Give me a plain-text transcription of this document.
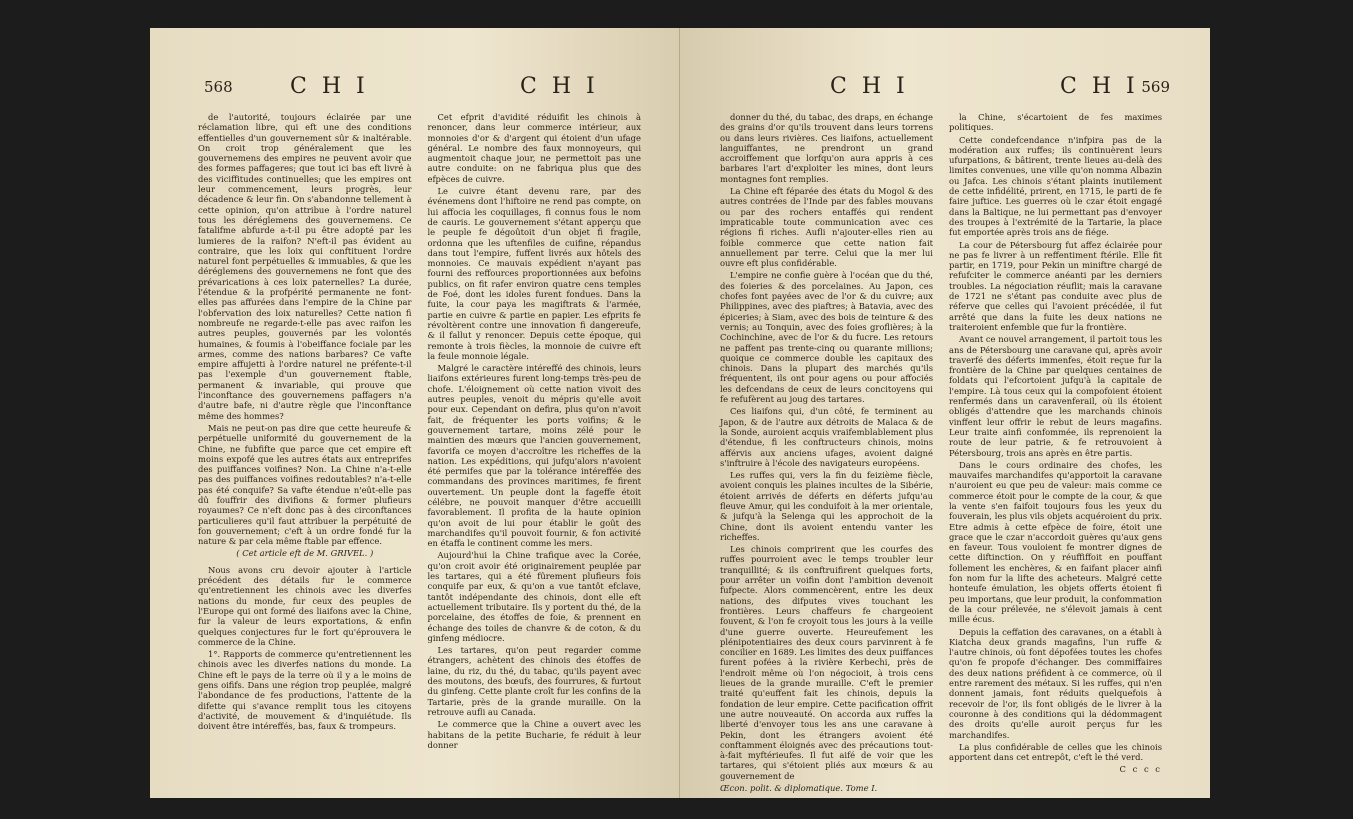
568	C H I	C H I

de l'autorité, toujours éclairée par une réclamation libre, qui eft une des conditions effentielles d'un gouvernement sûr & inaltérable. On croit trop généralement que les gouvernemens des empires ne peuvent avoir que des formes paffageres; que tout ici bas eft livré à des viciffitudes continuelles; que les empires ont leur commencement, leurs progrès, leur décadence & leur fin. On s'abandonne tellement à cette opinion, qu'on attribue à l'ordre naturel tous les déréglemens des gouvernemens. Ce fatalifme abfurde a-t-il pu être adopté par les lumieres de la raifon? N'eft-il pas évident au contraire, que les loix qui conftituent l'ordre naturel font perpétuelles & immuables, & que les déréglemens des gouvernemens ne font que des prévarications à ces loix paternelles? La durée, l'étendue & la profpérité permanente ne font-elles pas affurées dans l'empire de la Chine par l'obfervation des loix naturelles? Cette nation fi nombreufe ne regarde-t-elle pas avec raifon les autres peuples, gouvernés par les volontés humaines, & foumis à l'obeiffance fociale par les armes, comme des nations barbares? Ce vafte empire affujetti à l'ordre naturel ne préfente-t-il pas l'exemple d'un gouvernement ftable, permanent & invariable, qui prouve que l'inconftance des gouvernemens paffagers n'a d'autre bafe, ni d'autre règle que l'inconftance même des hommes?

Mais ne peut-on pas dire que cette heureufe & perpétuelle uniformité du gouvernement de la Chine, ne fubfifte que parce que cet empire eft moins expofé que les autres états aux entreprifes des puiffances voifines? Non. La Chine n'a-t-elle pas des puiffances voifines redoutables? n'a-t-elle pas été conquife? Sa vafte étendue n'eût-elle pas dû fouffrir des divifions & former plufieurs royaumes? Ce n'eft donc pas à des circonftances particulieres qu'il faut attribuer la perpétuité de fon gouvernement; c'eft à un ordre fondé fur la nature & par cela même ftable par effence.

( Cet article eft de M. GRIVEL. )

Nous avons cru devoir ajouter à l'article précédent des détails fur le commerce qu'entretiennent les chinois avec les diverfes nations du monde, fur ceux des peuples de l'Europe qui ont formé des liaifons avec la Chine, fur la valeur de leurs exportations, & enfin quelques conjectures fur le fort qu'éprouvera le commerce de la Chine.

1°. Rapports de commerce qu'entretiennent les chinois avec les diverfes nations du monde. La Chine eft le pays de la terre où il y a le moins de gens oififs. Dans une région trop peuplée, malgré l'abondance de fes productions, l'attente de la difette qui s'avance remplit tous les citoyens d'activité, de mouvement & d'inquiétude. Ils doivent être intéreffés, bas, faux & trompeurs.

Cet efprit d'avidité réduifit les chinois à renoncer, dans leur commerce intérieur, aux monnoies d'or & d'argent qui étoient d'un ufage général. Le nombre des faux monnoyeurs, qui augmentoit chaque jour, ne permettoit pas une autre conduite: on ne fabriqua plus que des efpèces de cuivre.

Le cuivre étant devenu rare, par des événemens dont l'hiftoire ne rend pas compte, on lui affocia les coquillages, fi connus fous le nom de cauris. Le gouvernement s'étant apperçu que le peuple fe dégoûtoit d'un objet fi fragile, ordonna que les uftenfiles de cuifine, répandus dans tout l'empire, fuffent livrés aux hôtels des monnoies. Ce mauvais expédient n'ayant pas fourni des reffources proportionnées aux befoins publics, on fit rafer environ quatre cens temples de Foé, dont les idoles furent fondues. Dans la fuite, la cour paya les magiftrats & l'armée, partie en cuivre & partie en papier. Les efprits fe révoltèrent contre une innovation fi dangereufe, & il fallut y renoncer. Depuis cette époque, qui remonte à trois fiècles, la monnoie de cuivre eft la feule monnoie légale.

Malgré le caractère intéreffé des chinois, leurs liaifons extérieures furent long-temps très-peu de chofe. L'éloignement où cette nation vivoit des autres peuples, venoit du mépris qu'elle avoit pour eux. Cependant on defira, plus qu'on n'avoit fait, de fréquenter les ports voifins; & le gouvernement tartare, moins zélé pour le maintien des mœurs que l'ancien gouvernement, favorifa ce moyen d'accroître les richeffes de la nation. Les expéditions, qui jufqu'alors n'avoient été permifes que par la tolérance intéreffée des commandans des provinces maritimes, fe firent ouvertement. Un peuple dont la fageffe étoit célébre, ne pouvoit manquer d'être accueilli favorablement. Il profita de la haute opinion qu'on avoit de lui pour établir le goût des marchandifes qu'il pouvoit fournir, & fon activité en étaffa le continent comme les mers.

Aujourd'hui la Chine trafique avec la Corée, qu'on croit avoir été originairement peuplée par les tartares, qui a été fûrement plufieurs fois conquife par eux, & qu'on a vue tantôt efclave, tantôt indépendante des chinois, dont elle eft actuellement tributaire. Ils y portent du thé, de la porcelaine, des étoffes de foie, & prennent en échange des toiles de chanvre & de coton, & du ginfeng médiocre.

Les tartares, qu'on peut regarder comme étrangers, achètent des chinois des étoffes de laine, du riz, du thé, du tabac, qu'ils payent avec des moutons, des bœufs, des fourrures, & furtout du ginfeng. Cette plante croît fur les confins de la Tartarie, près de la grande muraille. On la retrouve aufli au Canada.

Le commerce que la Chine a ouvert avec les habitans de la petite Bucharie, fe réduit à leur donner

C H I	C H I 569

donner du thé, du tabac, des draps, en échange des grains d'or qu'ils trouvent dans leurs torrens ou dans leurs rivières. Ces liaifons, actuellement languiffantes, ne prendront un grand accroiffement que lorfqu'on aura appris à ces barbares l'art d'exploiter les mines, dont leurs montagnes font remplies.

La Chine eft féparée des états du Mogol & des autres contrées de l'Inde par des fables mouvans ou par des rochers entaffés qui rendent impraticable toute communication avec ces régions fi riches. Aufli n'ajouter-elles rien au foible commerce que cette nation fait annuellement par terre. Celui que la mer lui ouvre eft plus confidérable.

L'empire ne confie guère à l'océan que du thé, des foieries & des porcelaines. Au Japon, ces chofes font payées avec de l'or & du cuivre; aux Philippines, avec des piaftres; à Batavia, avec des épiceries; à Siam, avec des bois de teinture & des vernis; au Tonquin, avec des foies groflières; à la Cochinchine, avec de l'or & du fucre. Les retours ne paffent pas trente-cinq ou quarante millions; quoique ce commerce double les capitaux des chinois. Dans la plupart des marchés qu'ils fréquentent, ils ont pour agens ou pour affociés les defcendans de ceux de leurs concitoyens qui fe refufèrent au joug des tartares.

Ces liaifons qui, d'un côté, fe terminent au Japon, & de l'autre aux détroits de Malaca & de la Sonde, auroient acquis vraifemblablement plus d'étendue, fi les conftructeurs chinois, moins afférvis aux anciens ufages, avoient daigné s'inftruire à l'école des navigateurs européens.

Les ruffes qui, vers la fin du feizième fiècle, avoient conquis les plaines incultes de la Sibérie, étoient arrivés de déferts en déferts jufqu'au fleuve Amur, qui les conduifoit à la mer orientale, & jufqu'à la Selenga qui les approchoit de la Chine, dont ils avoient entendu vanter les richeffes.

Les chinois comprirent que les courfes des ruffes pourroient avec le temps troubler leur tranquillité; & ils conftruifirent quelques forts, pour arrêter un voifin dont l'ambition devenoit fufpecte. Alors commencèrent, entre les deux nations, des difputes vives touchant les frontières. Leurs chaffeurs fe chargeoient fouvent, & l'on fe croyoit tous les jours à la veille d'une guerre ouverte. Heureufement les plénipotentiaires des deux cours parvinrent à fe concilier en 1689. Les limites des deux puiffances furent pofées à la rivière Kerbechi, près de l'endroit même où l'on négocioit, à trois cens lieues de la grande muraille. C'eft le premier traité qu'euffent fait les chinois, depuis la fondation de leur empire. Cette pacification offrit une autre nouveauté. On accorda aux ruffes la liberté d'envoyer tous les ans une caravane à Pekin, dont les étrangers avoient été conftamment éloignés avec des précautions tout-à-fait myftérieufes. Il fut aifé de voir que les tartares, qui s'étoient pliés aux mœurs & au gouvernement de

Œcon. polit. & diplomatique. Tome I.

la Chine, s'écartoient de fes maximes politiques.

Cette condefcendance n'infpira pas de la modération aux ruffes; ils continuèrent leurs ufurpations, & bâtirent, trente lieues au-delà des limites convenues, une ville qu'on nomma Albazin ou Jafca. Les chinois s'étant plaints inutilement de cette infidélité, prirent, en 1715, le parti de fe faire juftice. Les guerres où le czar étoit engagé dans la Baltique, ne lui permettant pas d'envoyer des troupes à l'extrémité de la Tartarie, la place fut emportée après trois ans de fiége.

La cour de Pétersbourg fut affez éclairée pour ne pas fe livrer à un reffentiment ftérile. Elle fit partir, en 1719, pour Pekin un miniftre chargé de refufciter le commerce anéanti par les derniers troubles. La négociation réuflit; mais la caravane de 1721 ne s'étant pas conduite avec plus de réferve que celles qui l'avoient précédée, il fut arrêté que dans la fuite les deux nations ne traiteroient enfemble que fur la frontière.

Avant ce nouvel arrangement, il partoit tous les ans de Pétersbourg une caravane qui, après avoir traverfé des déferts immenfes, étoit reçue fur la frontière de la Chine par quelques centaines de foldats qui l'efcortoient jufqu'à la capitale de l'empire. Là tous ceux qui la compofoient étoient renfermés dans un caravenferail, où ils étoient obligés d'attendre que les marchands chinois vinffent leur offrir le rebut de leurs magafins. Leur traite ainfi confommée, ils reprenoient la route de leur patrie, & fe retrouvoient à Pétersbourg, trois ans après en être partis.

Dans le cours ordinaire des chofes, les mauvaifes marchandifes qu'apportoit la caravane n'auroient eu que peu de valeur: mais comme ce commerce étoit pour le compte de la cour, & que la vente s'en faifoit toujours fous les yeux du fouverain, les plus vils objets acquéroient du prix. Etre admis à cette efpèce de foire, étoit une grace que le czar n'accordoit guères qu'aux gens en faveur. Tous vouloient fe montrer dignes de cette diftinction. On y réuffiffoit en pouffant follement les enchères, & en faifant placer ainfi fon nom fur la lifte des acheteurs. Malgré cette honteufe émulation, les objets offerts étoient fi peu importans, que leur produit, la confommation de la cour prélevée, ne s'élevoit jamais à cent mille écus.

Depuis la ceffation des caravanes, on a établi à Kiatcha deux grands magafins, l'un ruffe & l'autre chinois, où font dépofées toutes les chofes qu'on fe propofe d'échanger. Des commiffaires des deux nations préfident à ce commerce, où il entre rarement des métaux. Si les ruffes, qui n'en donnent jamais, font réduits quelquefois à recevoir de l'or, ils font obligés de le livrer à la couronne à des conditions qui la dédommagent des droits qu'elle auroit perçus fur les marchandifes.

La plus confidérable de celles que les chinois apportent dans cet entrepôt, c'eft le thé verd.

C c c c
